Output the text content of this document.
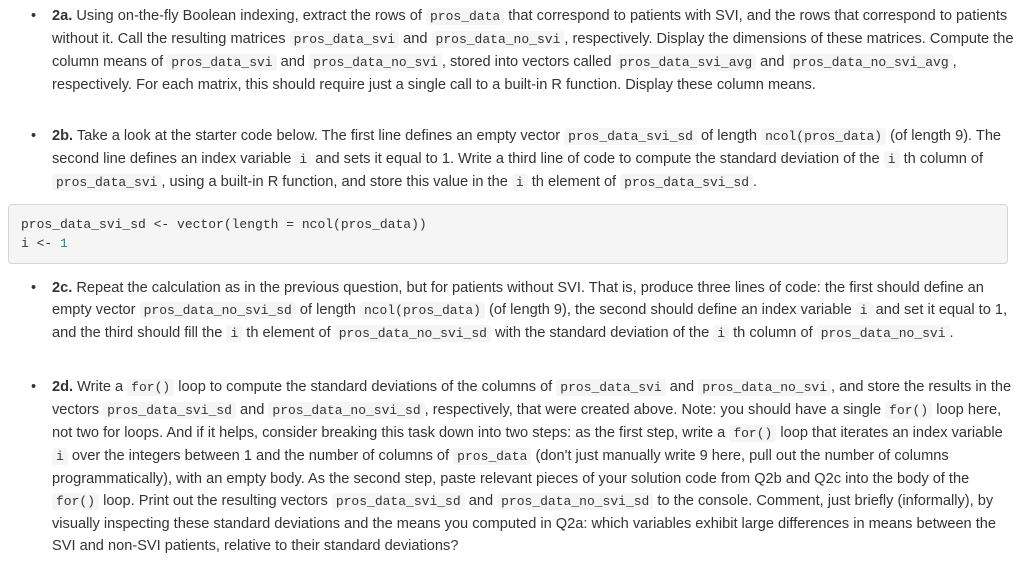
• 2a. Using on-the-fly Boolean indexing, extract the rows of pros_data that correspond to patients with SVI, and the rows that correspond to patients without it. Call the resulting matrices pros_data_svi and pros_data_no_svi , respectively. Display the dimensions of these matrices. Compute the column means of pros_data_svi and pros_data_no_svi , stored into vectors called pros_data_svi_avg and pros_data_no_svi_avg , respectively. For each matrix, this should require just a single call to a built-in R function. Display these column means.
• 2b. Take a look at the starter code below. The first line defines an empty vector pros_data_svi_sd of length ncol(pros_data) (of length 9). The second line defines an index variable i and sets it equal to 1. Write a third line of code to compute the standard deviation of the i th column of pros_data_svi , using a built-in R function, and store this value in the i th element of pros_data_svi_sd .
pros_data_svi_sd <- vector(length = ncol(pros_data))
i <- 1
• 2c. Repeat the calculation as in the previous question, but for patients without SVI. That is, produce three lines of code: the first should define an empty vector pros_data_no_svi_sd of length ncol(pros_data) (of length 9), the second should define an index variable i and set it equal to 1, and the third should fill the i th element of pros_data_no_svi_sd with the standard deviation of the i th column of pros_data_no_svi .
• 2d. Write a for() loop to compute the standard deviations of the columns of pros_data_svi and pros_data_no_svi , and store the results in the vectors pros_data_svi_sd and pros_data_no_svi_sd , respectively, that were created above. Note: you should have a single for() loop here, not two for loops. And if it helps, consider breaking this task down into two steps: as the first step, write a for() loop that iterates an index variable i over the integers between 1 and the number of columns of pros_data (don't just manually write 9 here, pull out the number of columns programmatically), with an empty body. As the second step, paste relevant pieces of your solution code from Q2b and Q2c into the body of the for() loop. Print out the resulting vectors pros_data_svi_sd and pros_data_no_svi_sd to the console. Comment, just briefly (informally), by visually inspecting these standard deviations and the means you computed in Q2a: which variables exhibit large differences in means between the SVI and non-SVI patients, relative to their standard deviations?
